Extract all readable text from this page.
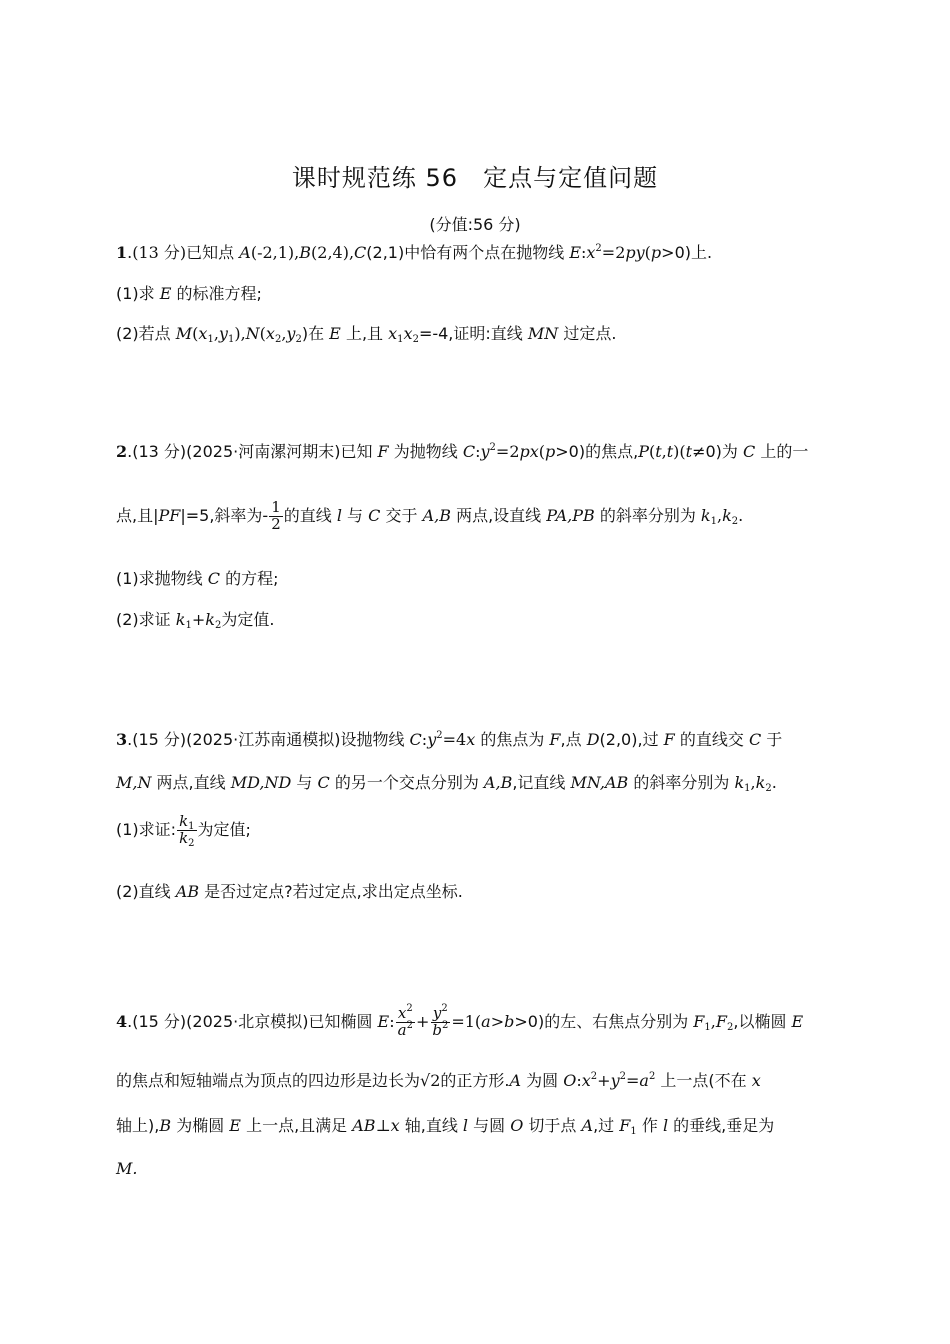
课时规范练 56　定点与定值问题
(分值:56 分)
1.(13 分)已知点 A(-2,1),B(2,4),C(2,1)中恰有两个点在抛物线 $E:x^2=2py(p>0)$上.
(1)求 E 的标准方程;
(2)若点 $M(x_1,y_1),N(x_2,y_2)$在 E 上,且 $x_1x_2=-4$,证明:直线 MN 过定点.
2.(13 分)(2025·河南漯河期末)已知 F 为抛物线 $C:y^2=2px(p>0)$的焦点,P(t,t)(t≠0)为 C 上的一
点,且|PF|=5,斜率为- $\frac{1}{2}$ 的直线 l 与 C 交于 A,B 两点,设直线 PA,PB 的斜率分别为 $k_1,k_2$.
(1)求抛物线 C 的方程;
(2)求证 $k_1+k_2$为定值.
3.(15 分)(2025·江苏南通模拟)设抛物线 $C:y^2=4x$ 的焦点为 F,点 D(2,0),过 F 的直线交 C 于
M,N 两点,直线 MD,ND 与 C 的另一个交点分别为 A,B,记直线 MN,AB 的斜率分别为 $k_1,k_2$.
(1)求证: $\frac{k_1}{k_2}$ 为定值;
(2)直线 AB 是否过定点?若过定点,求出定点坐标.
4.(15 分)(2025·北京模拟)已知椭圆 E: $\frac{x^2}{a^2} + \frac{y^2}{b^2} =1(a>b>0)$的左、右焦点分别为 $F_1,F_2$,以椭圆 E
的焦点和短轴端点为顶点的四边形是边长为√2的正方形.A 为圆 $O:x^2+y^2=a^2$ 上一点(不在 x
轴上),B 为椭圆 E 上一点,且满足 AB⊥x 轴,直线 l 与圆 O 切于点 A,过 $F_1$ 作 l 的垂线,垂足为
M.
